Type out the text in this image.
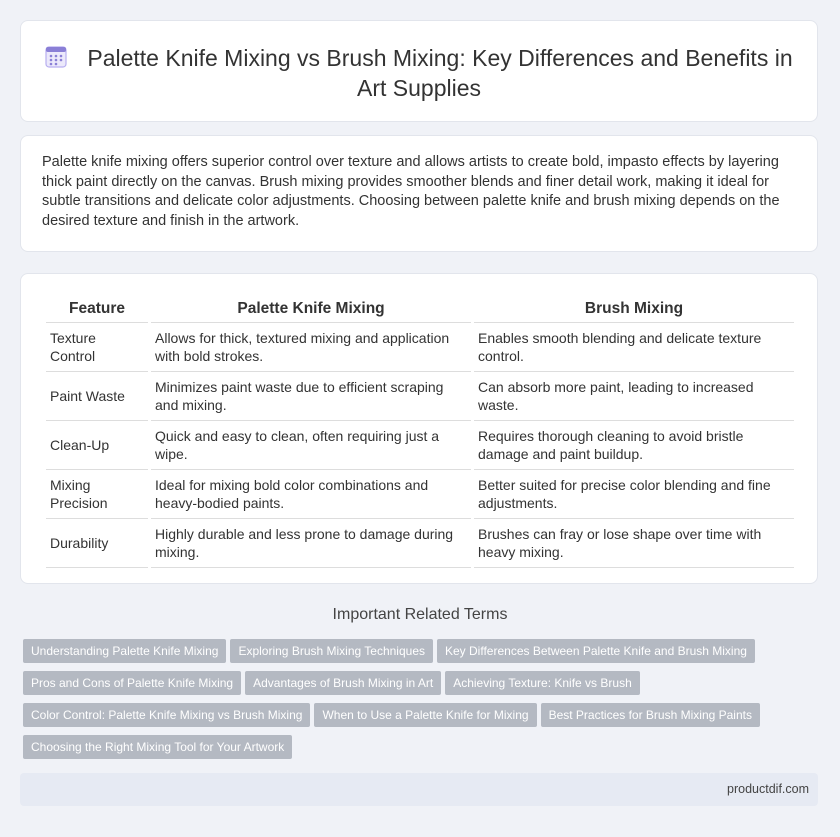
Palette Knife Mixing vs Brush Mixing: Key Differences and Benefits in Art Supplies

Palette knife mixing offers superior control over texture and allows artists to create bold, impasto effects by layering thick paint directly on the canvas. Brush mixing provides smoother blends and finer detail work, making it ideal for subtle transitions and delicate color adjustments. Choosing between palette knife and brush mixing depends on the desired texture and finish in the artwork.

Feature	Palette Knife Mixing	Brush Mixing
Texture Control	Allows for thick, textured mixing and application with bold strokes.	Enables smooth blending and delicate texture control.
Paint Waste	Minimizes paint waste due to efficient scraping and mixing.	Can absorb more paint, leading to increased waste.
Clean-Up	Quick and easy to clean, often requiring just a wipe.	Requires thorough cleaning to avoid bristle damage and paint buildup.
Mixing Precision	Ideal for mixing bold color combinations and heavy-bodied paints.	Better suited for precise color blending and fine adjustments.
Durability	Highly durable and less prone to damage during mixing.	Brushes can fray or lose shape over time with heavy mixing.
Important Related Terms
Understanding Palette Knife Mixing Exploring Brush Mixing Techniques Key Differences Between Palette Knife and Brush Mixing
Pros and Cons of Palette Knife Mixing Advantages of Brush Mixing in Art Achieving Texture: Knife vs Brush
Color Control: Palette Knife Mixing vs Brush Mixing When to Use a Palette Knife for Mixing Best Practices for Brush Mixing Paints
Choosing the Right Mixing Tool for Your Artwork
productdif.com
